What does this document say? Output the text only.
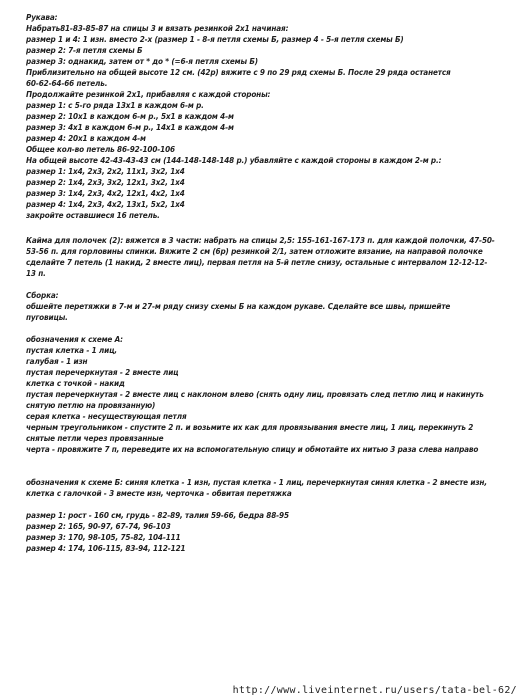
Рукава:
Набрать81-83-85-87 на спицы 3 и вязать резинкой 2х1 начиная:
размер 1 и 4: 1 изн. вместо 2-х (размер 1 - 8-я петля схемы Б, размер 4 - 5-я петля схемы Б)
размер 2: 7-я петля схемы Б
размер 3: однакид, затем от * до * (=6-я петля схемы Б)
Приблизительно на общей высоте 12 см. (42р) вяжите с 9 по 29 ряд схемы Б. После 29 ряда останется
60-62-64-66 петель.
Продолжайте резинкой 2х1, прибавляя с каждой стороны:
размер 1: с 5-го ряда 13х1 в каждом 6-м р.
размер 2: 10х1 в каждом 6-м р., 5х1 в каждом 4-м
размер 3: 4х1 в каждом 6-м р., 14х1 в каждом 4-м
размер 4: 20х1 в каждом 4-м
Общее кол-во петель 86-92-100-106
На общей высоте 42-43-43-43 см (144-148-148-148 р.) убавляйте с каждой стороны в каждом 2-м р.:
размер 1: 1х4, 2х3, 2х2, 11х1, 3х2, 1х4
размер 2: 1х4, 2х3, 3х2, 12х1, 3х2, 1х4
размер 3: 1х4, 2х3, 4х2, 12х1, 4х2, 1х4
размер 4: 1х4, 2х3, 4х2, 13х1, 5х2, 1х4
закройте оставшиеся 16 петель.
Кайма для полочек (2): вяжется в 3 части: набрать на спицы 2,5: 155-161-167-173 п. для каждой полочки, 47-50-53-56 п. для горловины спинки. Вяжите 2 см (6р) резинкой 2/1, затем отложите вязание, на направой полочке сделайте 7 петель (1 накид, 2 вместе лиц), первая петля на 5-й петле снизу, остальные с интервалом 12-12-12-13 п.
Сборка:
обшейте перетяжки в 7-м и 27-м ряду снизу схемы Б на каждом рукаве. Сделайте все швы, пришейте
пуговицы.
обозначения к схеме А:
пустая клетка - 1 лиц,
галубая - 1 изн
пустая перечеркнутая - 2 вместе лиц
клетка с точкой - накид
пустая перечеркнутая - 2 вместе лиц с наклоном влево (снять одну лиц, провязать след петлю лиц и накинуть снятую петлю на провязанную)
серая клетка - несуществующая петля
черным треугольником - спустите 2 п. и возьмите их как для провязывания вместе лиц, 1 лиц, перекинуть 2 снятые петли через провязанные
черта - провяжите 7 п, переведите их на вспомогательную спицу и обмотайте их нитью 3 раза слева направо
обозначения к схеме Б: синяя клетка - 1 изн, пустая клетка - 1 лиц, перечеркнутая синяя клетка - 2 вместе изн, клетка с галочкой - 3 вместе изн, черточка - обвитая перетяжка
размер 1: рост - 160 см, грудь - 82-89, талия 59-66, бедра 88-95
размер 2: 165, 90-97, 67-74, 96-103
размер 3: 170, 98-105, 75-82, 104-111
размер 4: 174, 106-115, 83-94, 112-121
http://www.liveinternet.ru/users/tata-bel-62/
